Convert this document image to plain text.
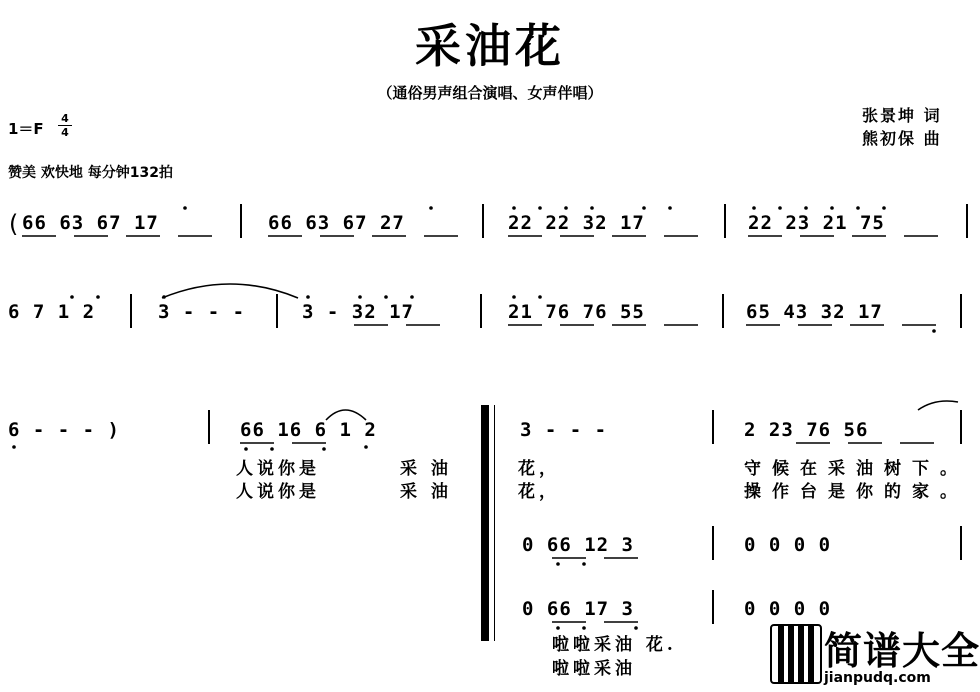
采油花
（通俗男声组合演唱、女声伴唱）
张景坤 词
熊初保 曲
1＝F
4
4
赞美 欢快地 每分钟132拍
( 66 63 67 17	66 63 67 27	22 22 32 17	22 23 21 75
6 7 1 2	3 - - -	3 - 32 17	21 76 76 55	65 43 32 17
6 - - - )	66 16 6 1 2	3 - - -	2 23 76 56
人说你是	采 油	花，	守候在采油树下。
人说你是	采 油	花，	操作台是你的家。
0 66 12 3	0 0 0 0
0 66 17 3	0 0 0 0
啦啦采油 花.
啦啦采油	简谱大全
jianpudq.com
